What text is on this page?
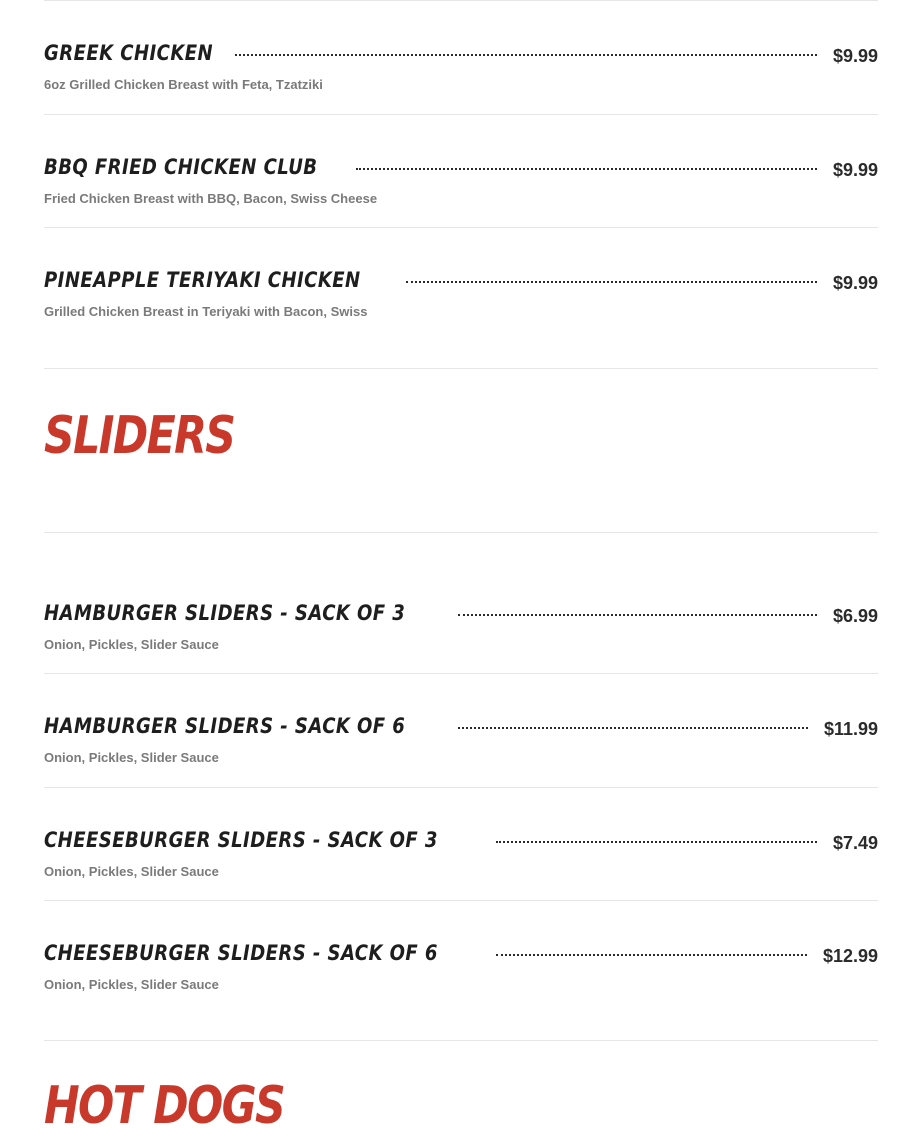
GREEK CHICKEN	$9.99
6oz Grilled Chicken Breast with Feta, Tzatziki
BBQ FRIED CHICKEN CLUB	$9.99
Fried Chicken Breast with BBQ, Bacon, Swiss Cheese
PINEAPPLE TERIYAKI CHICKEN	$9.99
Grilled Chicken Breast in Teriyaki with Bacon, Swiss
SLIDERS
HAMBURGER SLIDERS - SACK OF 3	$6.99
Onion, Pickles, Slider Sauce
HAMBURGER SLIDERS - SACK OF 6	$11.99
Onion, Pickles, Slider Sauce
CHEESEBURGER SLIDERS - SACK OF 3	$7.49
Onion, Pickles, Slider Sauce
CHEESEBURGER SLIDERS - SACK OF 6	$12.99
Onion, Pickles, Slider Sauce
HOT DOGS
